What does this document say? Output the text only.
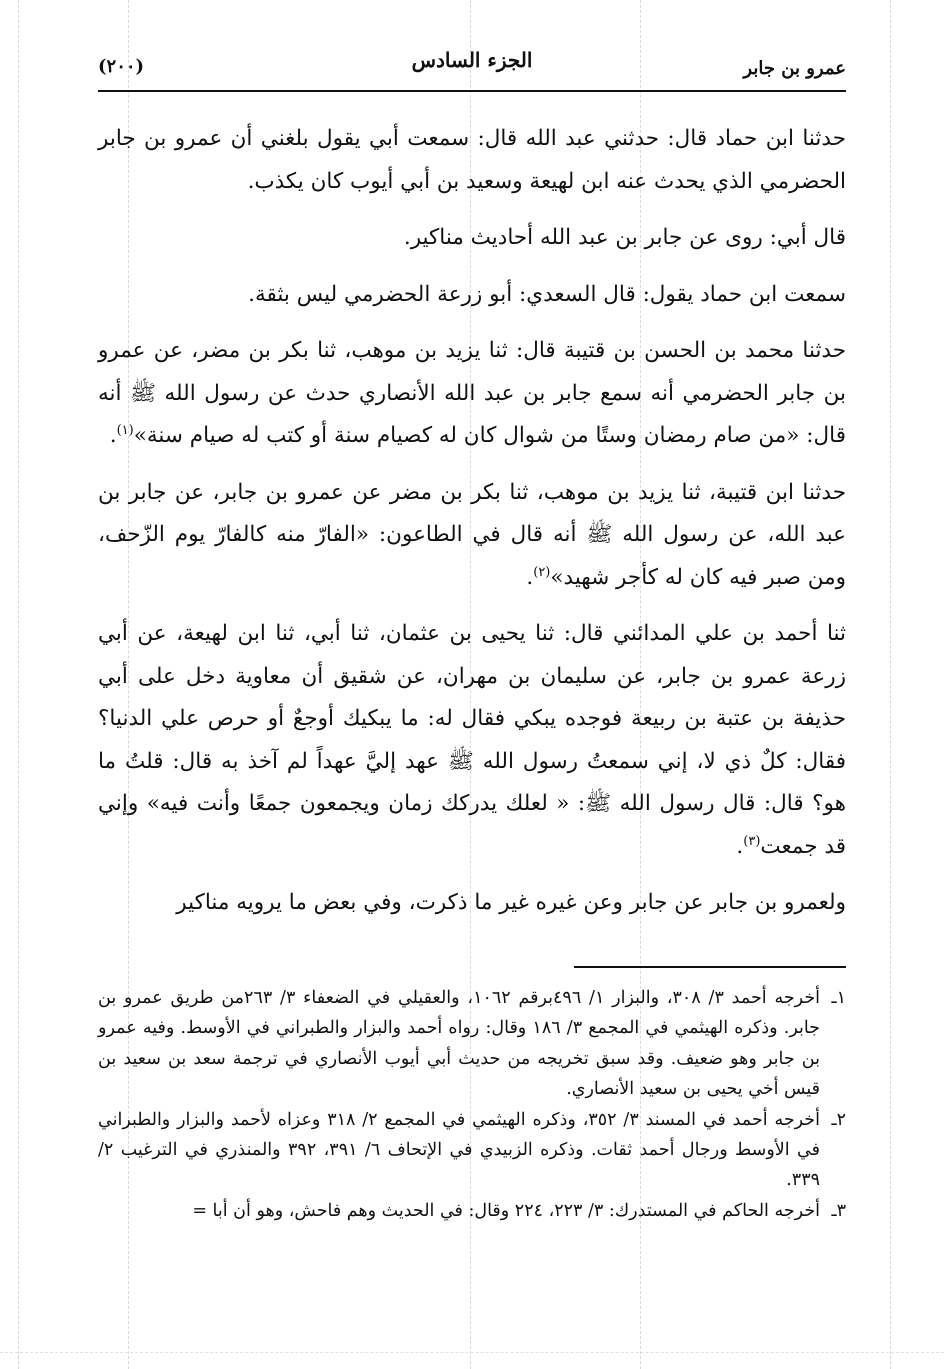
عمرو بن جابر
الجزء السادس
(٢٠٠)

حدثنا ابن حماد قال: حدثني عبد الله قال: سمعت أبي يقول بلغني أن عمرو بن جابر الحضرمي الذي يحدث عنه ابن لهيعة وسعيد بن أبي أيوب كان يكذب.

قال أبي: روى عن جابر بن عبد الله أحاديث مناكير.

سمعت ابن حماد يقول: قال السعدي: أبو زرعة الحضرمي ليس بثقة.

حدثنا محمد بن الحسن بن قتيبة قال: ثنا يزيد بن موهب، ثنا بكر بن مضر، عن عمرو بن جابر الحضرمي أنه سمع جابر بن عبد الله الأنصاري حدث عن رسول الله ﷺ أنه قال: «من صام رمضان وستًا من شوال كان له كصيام سنة أو كتب له صيام سنة»$^{(١)}$.

حدثنا ابن قتيبة، ثنا يزيد بن موهب، ثنا بكر بن مضر عن عمرو بن جابر، عن جابر بن عبد الله، عن رسول الله ﷺ أنه قال في الطاعون: «الفارّ منه كالفارّ يوم الزّحف، ومن صبر فيه كان له كأجر شهيد»$^{(٢)}$.

ثنا أحمد بن علي المدائني قال: ثنا يحيى بن عثمان، ثنا أبي، ثنا ابن لهيعة، عن أبي زرعة عمرو بن جابر، عن سليمان بن مهران، عن شقيق أن معاوية دخل على أبي حذيفة بن عتبة بن ربيعة فوجده يبكي فقال له: ما يبكيك أوجعٌ أو حرص علي الدنيا؟ فقال: كلٌ ذي لا، إني سمعتُ رسول الله ﷺ عهد إليَّ عهداً لم آخذ به قال: قلتُ ما هو؟ قال: قال رسول الله ﷺ: « لعلك يدركك زمان ويجمعون جمعًا وأنت فيه» وإني قد جمعت$^{(٣)}$.

ولعمرو بن جابر عن جابر وعن غيره غير ما ذكرت، وفي بعض ما يرويه مناكير

١ـ
أخرجه أحمد ٣/ ٣٠٨، والبزار ١/ ٤٩٦برقم ١٠٦٢، والعقيلي في الضعفاء ٣/ ٢٦٣من طريق عمرو بن جابر. وذكره الهيثمي في المجمع ٣/ ١٨٦ وقال: رواه أحمد والبزار والطبراني في الأوسط. وفيه عمرو بن جابر وهو ضعيف. وقد سبق تخريجه من حديث أبي أيوب الأنصاري في ترجمة سعد بن سعيد بن قيس أخي يحيى بن سعيد الأنصاري.
٢ـ
أخرجه أحمد في المسند ٣/ ٣٥٢، وذكره الهيثمي في المجمع ٢/ ٣١٨ وعزاه لأحمد والبزار والطبراني في الأوسط ورجال أحمد ثقات. وذكره الزبيدي في الإتحاف ٦/ ٣٩١، ٣٩٢ والمنذري في الترغيب ٢/ ٣٣٩.
٣ـ
أخرجه الحاكم في المستدرك: ٣/ ٢٢٣، ٢٢٤ وقال: في الحديث وهم فاحش، وهو أن أبا =
